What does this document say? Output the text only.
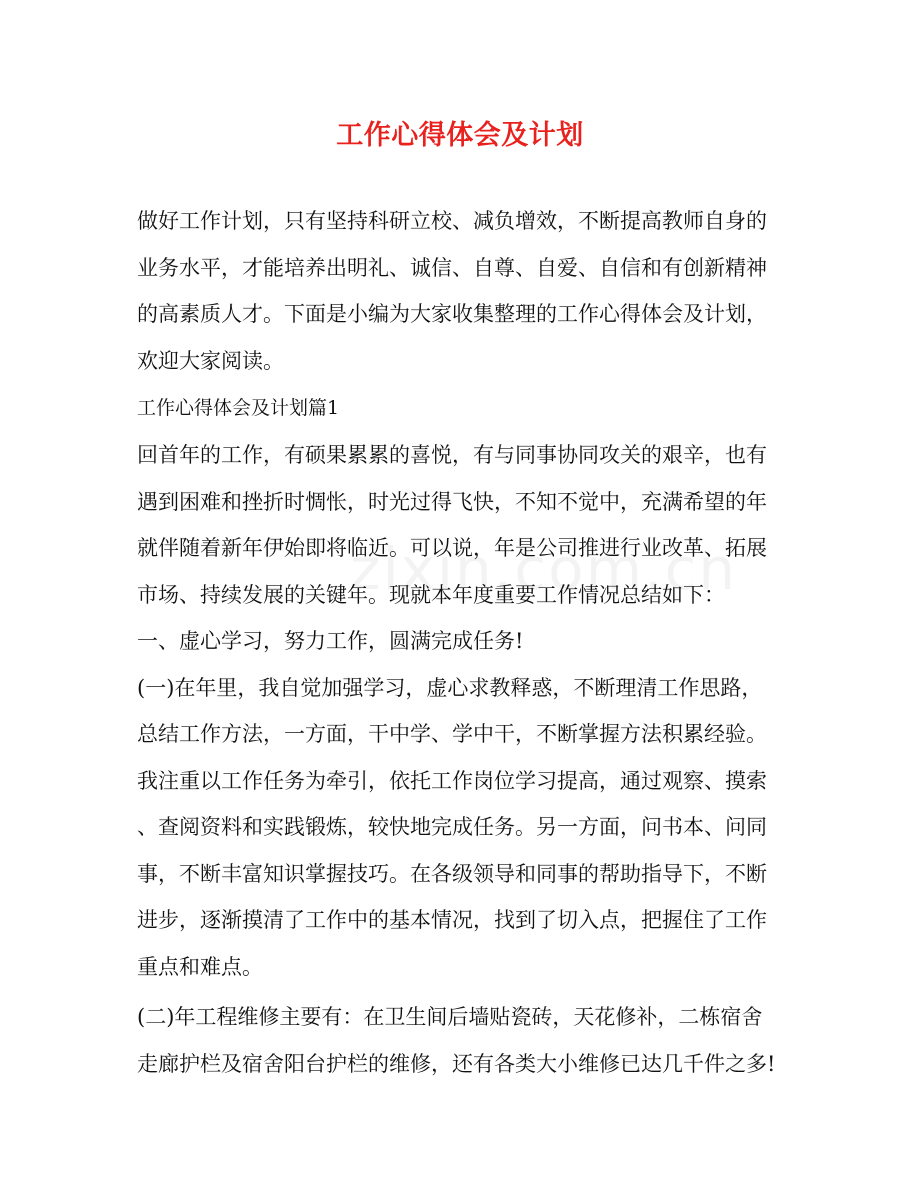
工作心得体会及计划
做好工作计划，只有坚持科研立校、减负增效，不断提高教师自身的
业务水平，才能培养出明礼、诚信、自尊、自爱、自信和有创新精神
的高素质人才。下面是小编为大家收集整理的工作心得体会及计划，
欢迎大家阅读。
工作心得体会及计划篇1
回首年的工作，有硕果累累的喜悦，有与同事协同攻关的艰辛，也有
遇到困难和挫折时惆怅，时光过得飞快，不知不觉中，充满希望的年
就伴随着新年伊始即将临近。可以说，年是公司推进行业改革、拓展
市场、持续发展的关键年。现就本年度重要工作情况总结如下：
一、虚心学习，努力工作，圆满完成任务!
(一)在年里，我自觉加强学习，虚心求教释惑，不断理清工作思路，
总结工作方法，一方面，干中学、学中干，不断掌握方法积累经验。
我注重以工作任务为牵引，依托工作岗位学习提高，通过观察、摸索
、查阅资料和实践锻炼，较快地完成任务。另一方面，问书本、问同
事，不断丰富知识掌握技巧。在各级领导和同事的帮助指导下，不断
进步，逐渐摸清了工作中的基本情况，找到了切入点，把握住了工作
重点和难点。
(二)年工程维修主要有：在卫生间后墙贴瓷砖，天花修补，二栋宿舍
走廊护栏及宿舍阳台护栏的维修，还有各类大小维修已达几千件之多!
